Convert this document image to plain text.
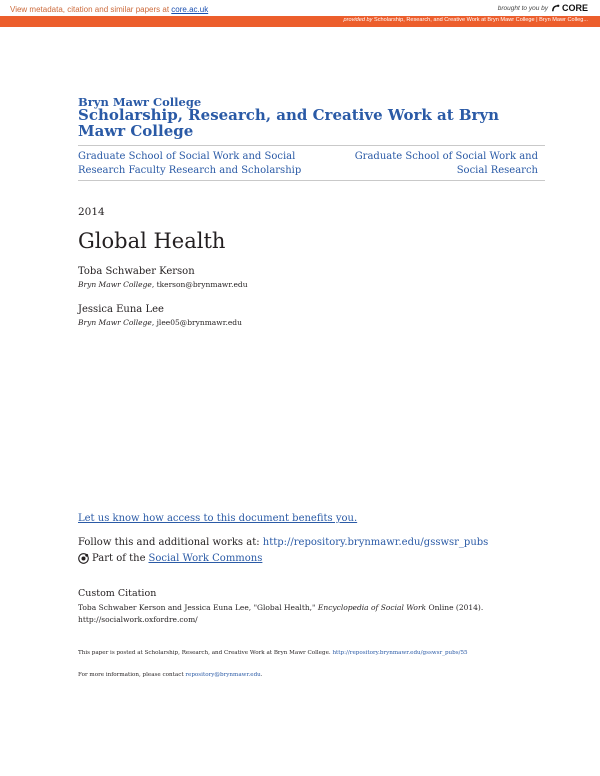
View metadata, citation and similar papers at core.ac.uk	brought to you by CORE
provided by Scholarship, Research, and Creative Work at Bryn Mawr College | Bryn Mawr Colleg...
Bryn Mawr College
Scholarship, Research, and Creative Work at Bryn Mawr College
Graduate School of Social Work and Social Research Faculty Research and Scholarship
Graduate School of Social Work and Social Research
2014
Global Health
Toba Schwaber Kerson
Bryn Mawr College, tkerson@brynmawr.edu
Jessica Euna Lee
Bryn Mawr College, jlee05@brynmawr.edu
Let us know how access to this document benefits you.
Follow this and additional works at: http://repository.brynmawr.edu/gsswsr_pubs
Part of the Social Work Commons
Custom Citation
Toba Schwaber Kerson and Jessica Euna Lee, "Global Health," Encyclopedia of Social Work Online (2014). http://socialwork.oxfordre.com/
This paper is posted at Scholarship, Research, and Creative Work at Bryn Mawr College. http://repository.brynmawr.edu/gsswsr_pubs/55
For more information, please contact repository@brynmawr.edu.
